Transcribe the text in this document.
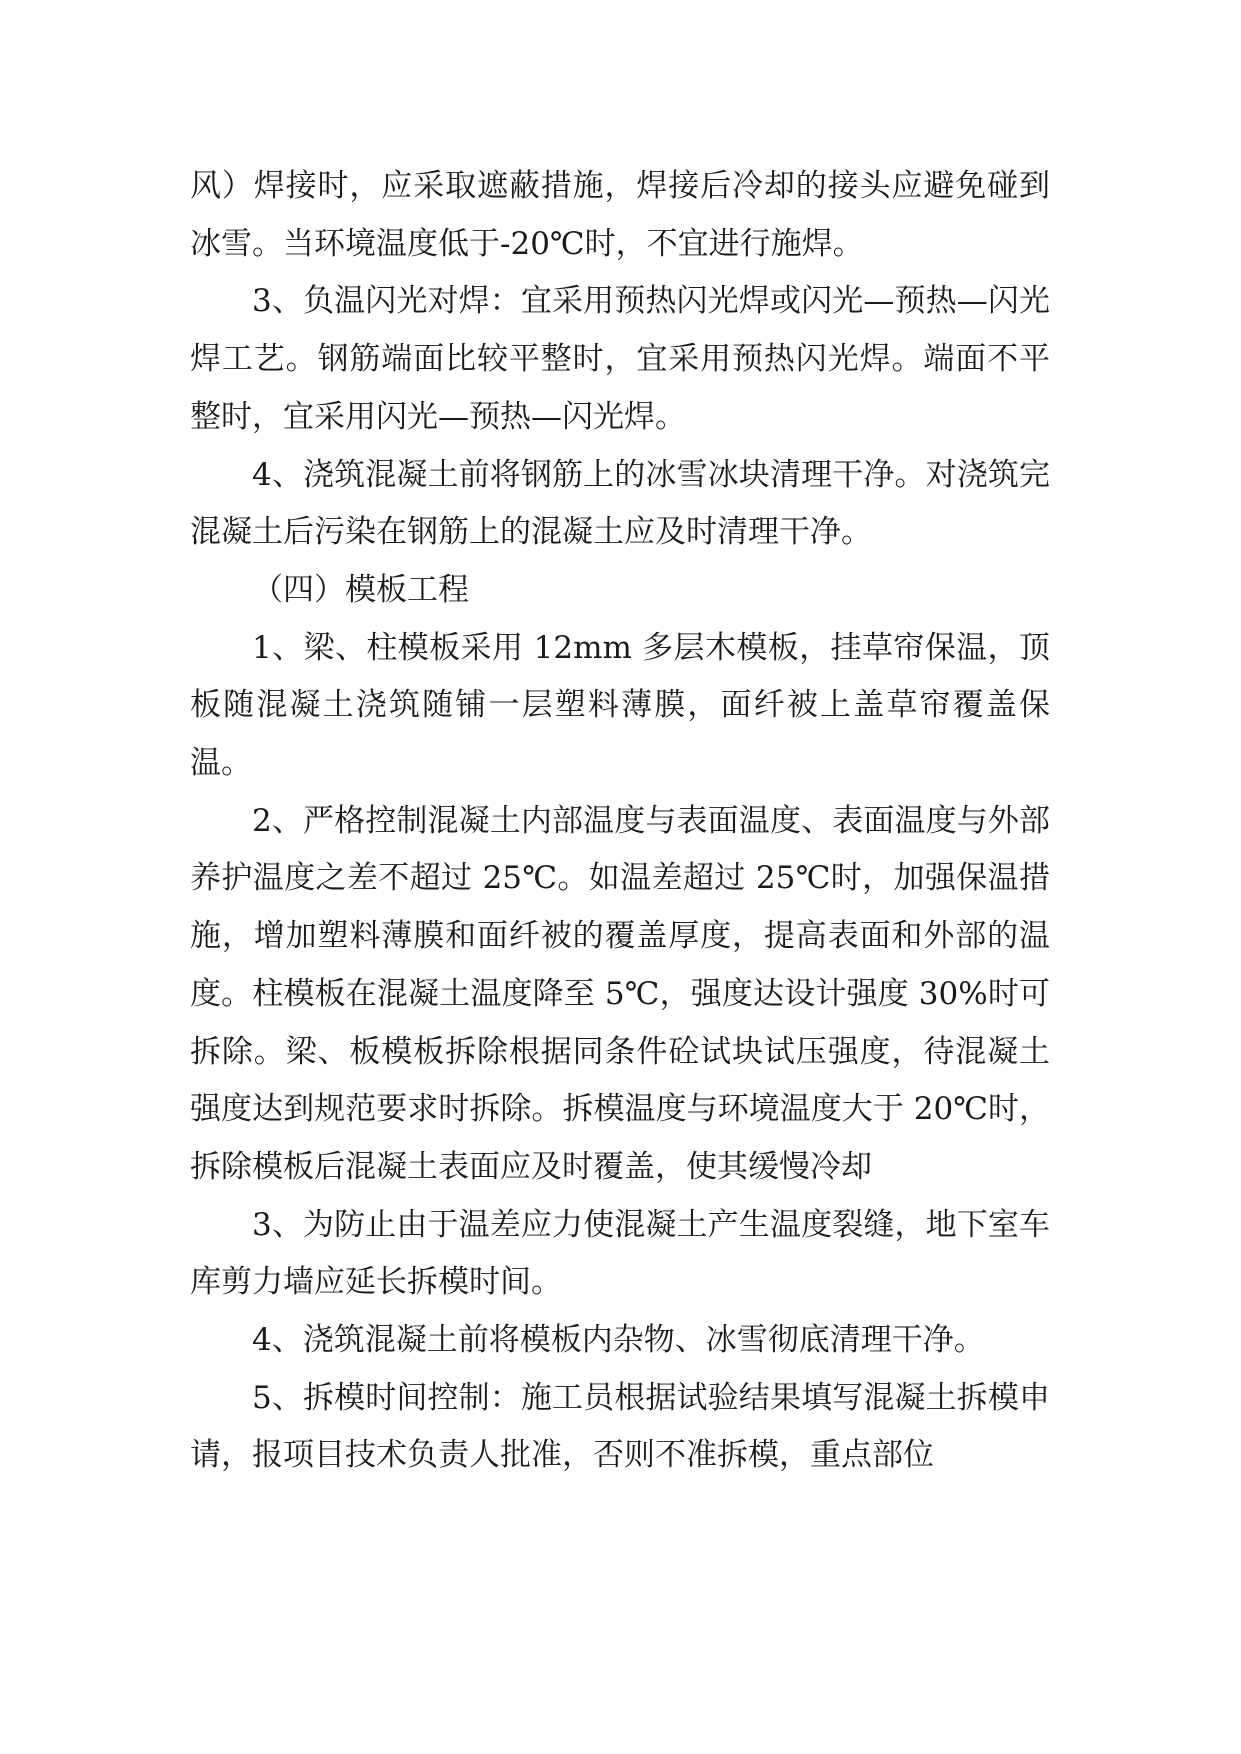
风）焊接时，应采取遮蔽措施，焊接后冷却的接头应避免碰到冰雪。当环境温度低于-20℃时，不宜进行施焊。

3、负温闪光对焊：宜采用预热闪光焊或闪光—预热—闪光焊工艺。钢筋端面比较平整时，宜采用预热闪光焊。端面不平整时，宜采用闪光—预热—闪光焊。

4、浇筑混凝土前将钢筋上的冰雪冰块清理干净。对浇筑完混凝土后污染在钢筋上的混凝土应及时清理干净。

（四）模板工程

1、梁、柱模板采用 12mm 多层木模板，挂草帘保温，顶板随混凝土浇筑随铺一层塑料薄膜，面纤被上盖草帘覆盖保温。

2、严格控制混凝土内部温度与表面温度、表面温度与外部养护温度之差不超过 25℃。如温差超过 25℃时，加强保温措施，增加塑料薄膜和面纤被的覆盖厚度，提高表面和外部的温度。柱模板在混凝土温度降至 5℃，强度达设计强度 30%时可拆除。梁、板模板拆除根据同条件砼试块试压强度，待混凝土强度达到规范要求时拆除。拆模温度与环境温度大于 20℃时，拆除模板后混凝土表面应及时覆盖，使其缓慢冷却

3、为防止由于温差应力使混凝土产生温度裂缝，地下室车库剪力墙应延长拆模时间。

4、浇筑混凝土前将模板内杂物、冰雪彻底清理干净。

5、拆模时间控制：施工员根据试验结果填写混凝土拆模申请，报项目技术负责人批准，否则不准拆模，重点部位
